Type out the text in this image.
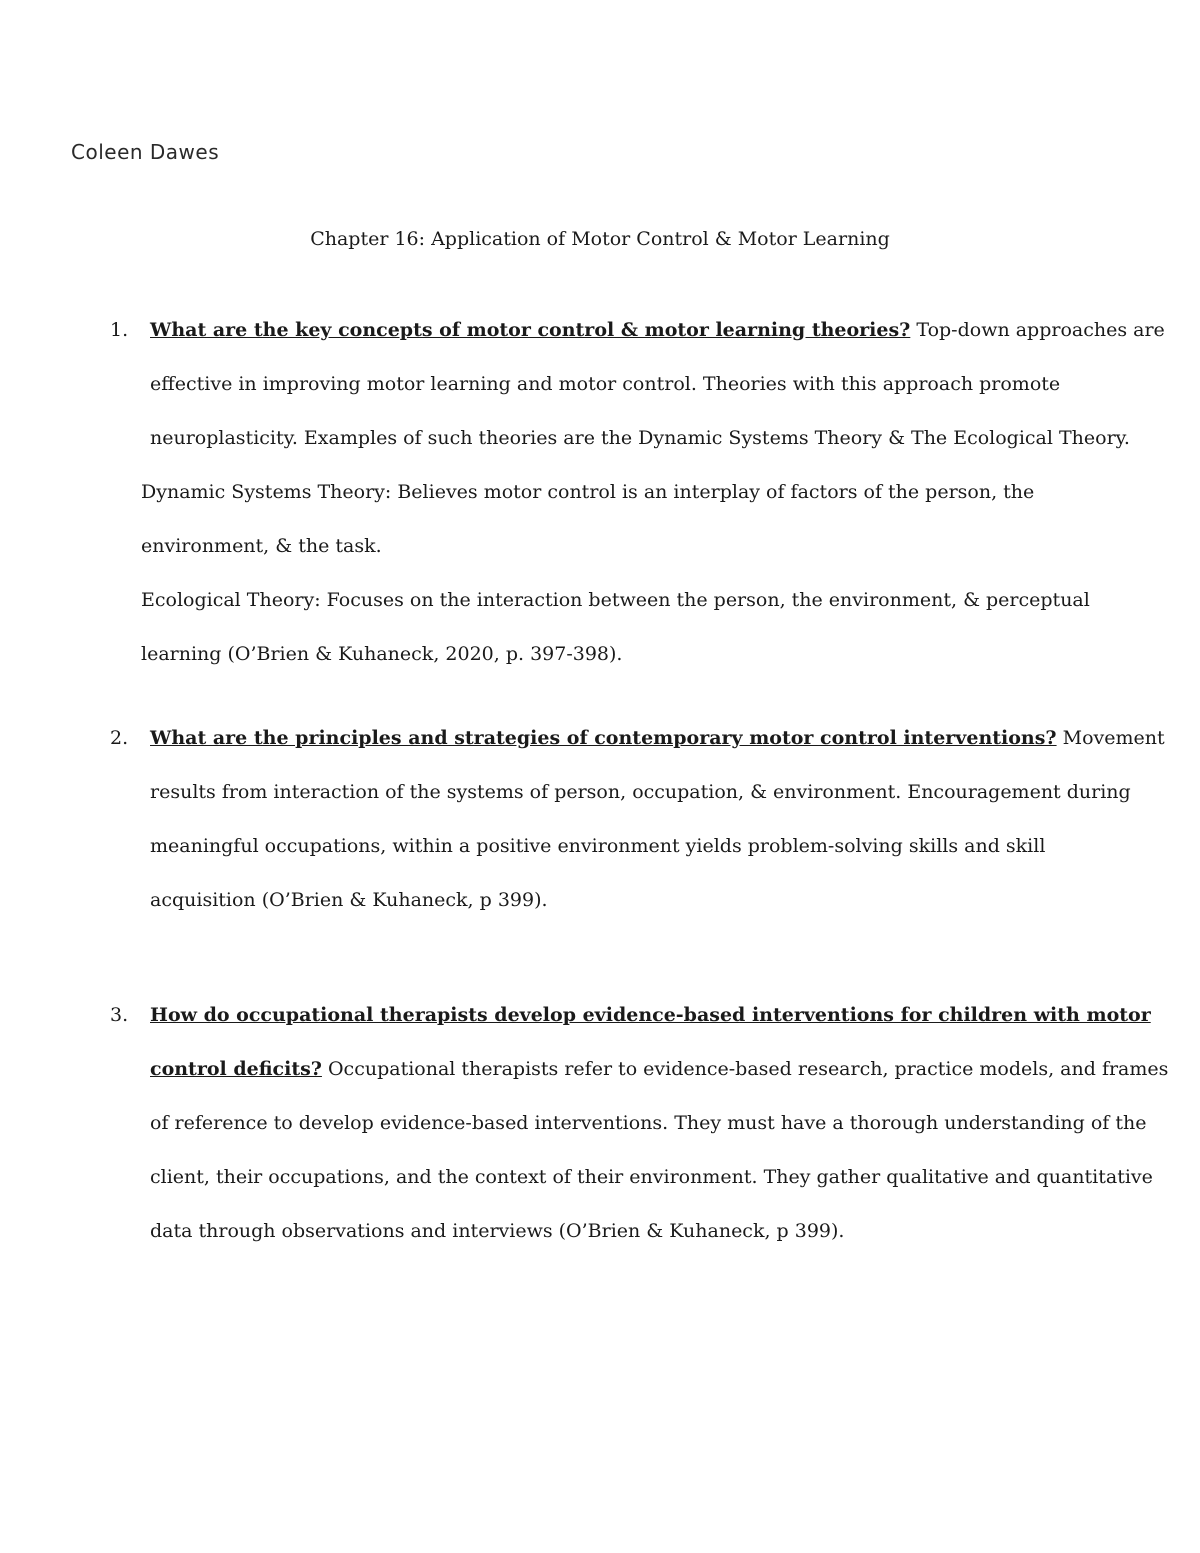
Coleen Dawes
Chapter 16: Application of Motor Control & Motor Learning
1. What are the key concepts of motor control & motor learning theories? Top-down approaches are
effective in improving motor learning and motor control. Theories with this approach promote
neuroplasticity. Examples of such theories are the Dynamic Systems Theory & The Ecological Theory.
Dynamic Systems Theory: Believes motor control is an interplay of factors of the person, the
environment, & the task.
Ecological Theory: Focuses on the interaction between the person, the environment, & perceptual
learning (O’Brien & Kuhaneck, 2020, p. 397-398).
2. What are the principles and strategies of contemporary motor control interventions? Movement
results from interaction of the systems of person, occupation, & environment. Encouragement during
meaningful occupations, within a positive environment yields problem-solving skills and skill
acquisition (O’Brien & Kuhaneck, p 399).
3. How do occupational therapists develop evidence-based interventions for children with motor
control deficits? Occupational therapists refer to evidence-based research, practice models, and frames
of reference to develop evidence-based interventions. They must have a thorough understanding of the
client, their occupations, and the context of their environment. They gather qualitative and quantitative
data through observations and interviews (O’Brien & Kuhaneck, p 399).
